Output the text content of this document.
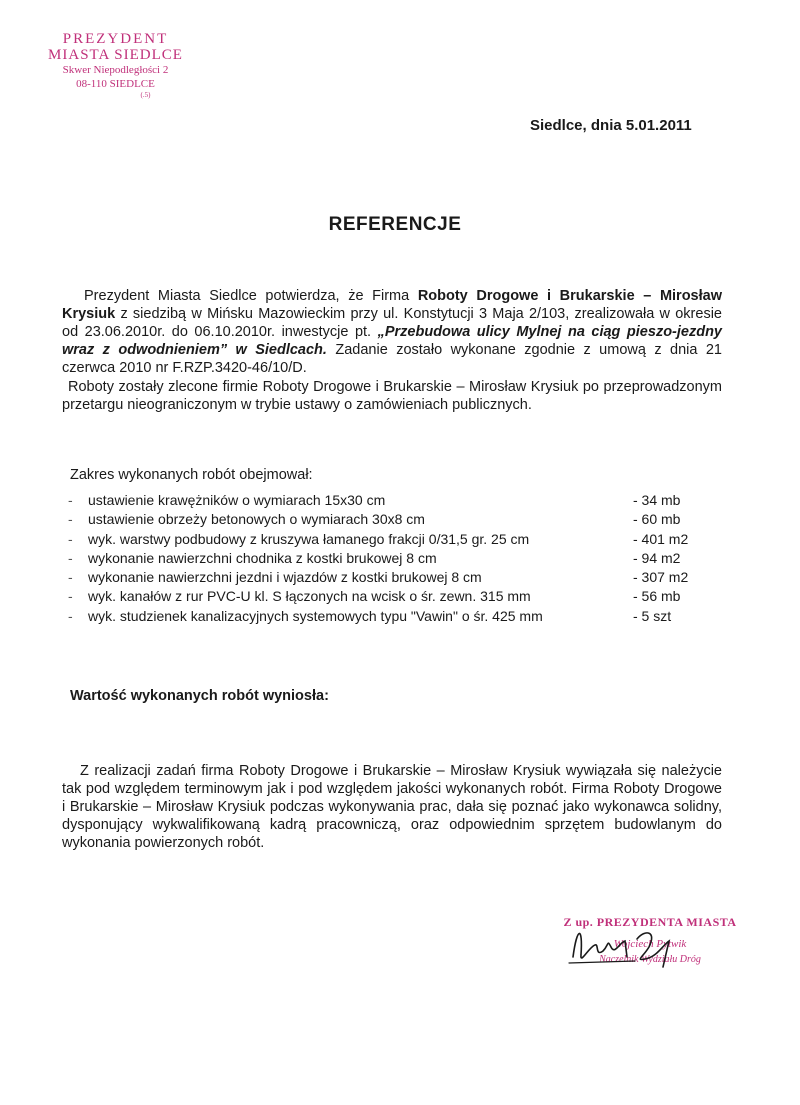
PREZYDENT
MIASTA SIEDLCE
Skwer Niepodległości 2
08-110 SIEDLCE
(.5)
Siedlce, dnia 5.01.2011
REFERENCJE
Prezydent Miasta Siedlce potwierdza, że Firma Roboty Drogowe i Brukarskie – Mirosław Krysiuk z siedzibą w Mińsku Mazowieckim przy ul. Konstytucji 3 Maja 2/103, zrealizowała w okresie od 23.06.2010r. do 06.10.2010r. inwestycje pt. „Przebudowa ulicy Mylnej na ciąg pieszo-jezdny wraz z odwodnieniem” w Siedlcach. Zadanie zostało wykonane zgodnie z umową z dnia 21 czerwca 2010 nr F.RZP.3420-46/10/D.
Roboty zostały zlecone firmie Roboty Drogowe i Brukarskie – Mirosław Krysiuk po przeprowadzonym przetargu nieograniczonym w trybie ustawy o zamówieniach publicznych.
Zakres wykonanych robót obejmował:
- ustawienie krawężników o wymiarach 15x30 cm	- 34 mb
- ustawienie obrzeży betonowych o wymiarach 30x8 cm	- 60 mb
- wyk. warstwy podbudowy z kruszywa łamanego frakcji 0/31,5 gr. 25 cm	- 401 m2
- wykonanie nawierzchni chodnika z kostki brukowej 8 cm	- 94 m2
- wykonanie nawierzchni jezdni i wjazdów z kostki brukowej 8 cm	- 307 m2
- wyk. kanałów z rur PVC-U kl. S łączonych na wcisk o śr. zewn. 315 mm	- 56 mb
- wyk. studzienek kanalizacyjnych systemowych typu "Vawin" o śr. 425 mm	- 5 szt
Wartość wykonanych robót wyniosła:
Z realizacji zadań firma Roboty Drogowe i Brukarskie – Mirosław Krysiuk wywiązała się należycie tak pod względem terminowym jak i pod względem jakości wykonanych robót. Firma Roboty Drogowe i Brukarskie – Mirosław Krysiuk podczas wykonywania prac, dała się poznać jako wykonawca solidny, dysponujący wykwalifikowaną kadrą pracowniczą, oraz odpowiednim sprzętem budowlanym do wykonania powierzonych robót.
Z up. PREZYDENTA MIASTA
Wojciech Pytwik
Naczelnik Wydziału Dróg
